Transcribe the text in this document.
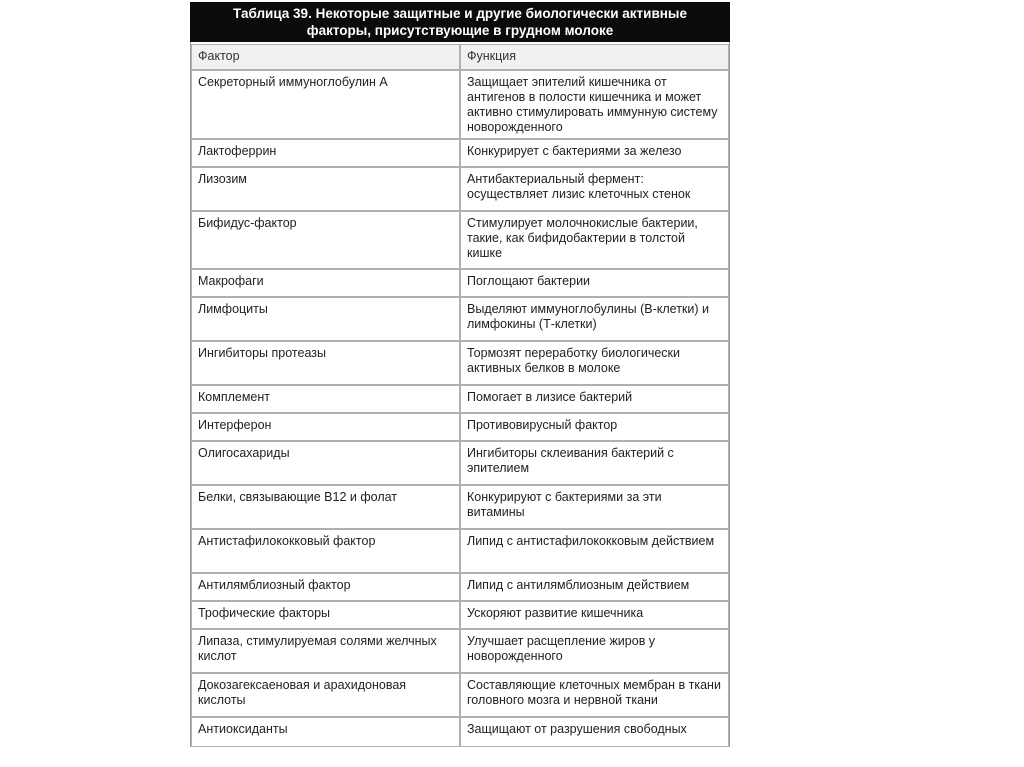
Таблица 39. Некоторые защитные и другие биологически активные
факторы, присутствующие в грудном молоке

Фактор	Функция
Секреторный иммуноглобулин А	Защищает эпителий кишечника от антигенов в полости кишечника и может активно стимулировать иммунную систему новорожденного
Лактоферрин	Конкурирует с бактериями за железо
Лизозим	Антибактериальный фермент: осуществляет лизис клеточных стенок
Бифидус-фактор	Стимулирует молочнокислые бактерии, такие, как бифидобактерии в толстой кишке
Макрофаги	Поглощают бактерии
Лимфоциты	Выделяют иммуноглобулины (В-клетки) и лимфокины (Т-клетки)
Ингибиторы протеазы	Тормозят переработку биологически активных белков в молоке
Комплемент	Помогает в лизисе бактерий
Интерферон	Противовирусный фактор
Олигосахариды	Ингибиторы склеивания бактерий с эпителием
Белки, связывающие В12 и фолат	Конкурируют с бактериями за эти витамины
Антистафилококковый фактор	Липид с антистафилококковым действием
Антилямблиозный фактор	Липид с антилямблиозным действием
Трофические факторы	Ускоряют развитие кишечника
Липаза, стимулируемая солями желчных кислот	Улучшает расщепление жиров у новорожденного
Докозагексаеновая и арахидоновая кислоты	Составляющие клеточных мембран в ткани головного мозга и нервной ткани
Антиоксиданты	Защищают от разрушения свободных
